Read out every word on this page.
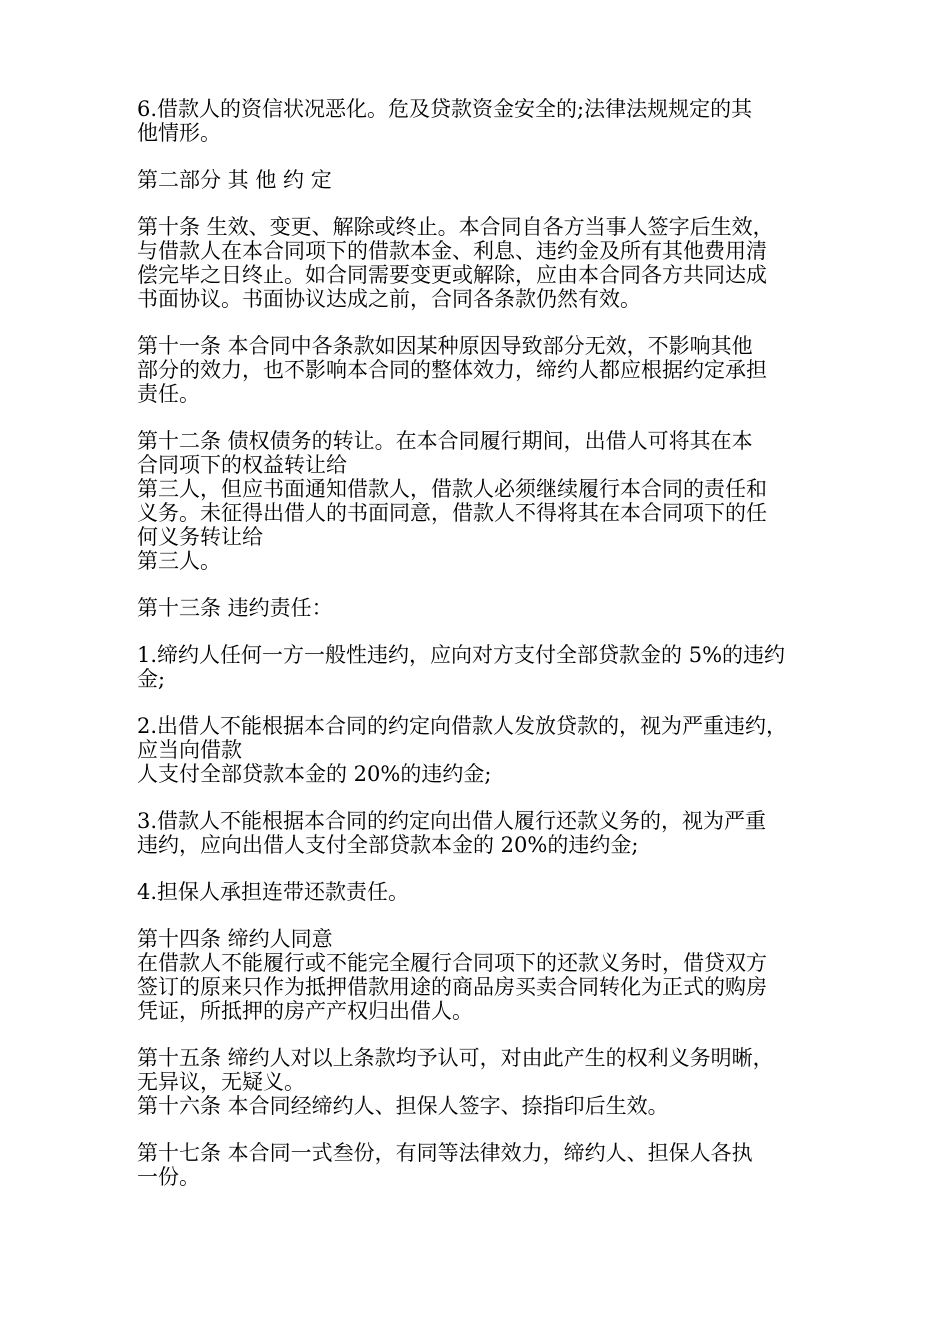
6.借款人的资信状况恶化。危及贷款资金安全的;法律法规规定的其
他情形。
第二部分 其 他 约 定
第十条 生效、变更、解除或终止。本合同自各方当事人签字后生效，
与借款人在本合同项下的借款本金、利息、违约金及所有其他费用清
偿完毕之日终止。如合同需要变更或解除，应由本合同各方共同达成
书面协议。书面协议达成之前，合同各条款仍然有效。
第十一条 本合同中各条款如因某种原因导致部分无效，不影响其他
部分的效力，也不影响本合同的整体效力，缔约人都应根据约定承担
责任。
第十二条 债权债务的转让。在本合同履行期间，出借人可将其在本
合同项下的权益转让给
第三人，但应书面通知借款人，借款人必须继续履行本合同的责任和
义务。未征得出借人的书面同意，借款人不得将其在本合同项下的任
何义务转让给
第三人。
第十三条 违约责任：
1.缔约人任何一方一般性违约，应向对方支付全部贷款金的 5%的违约
金;
2.出借人不能根据本合同的约定向借款人发放贷款的，视为严重违约，
应当向借款
人支付全部贷款本金的 20%的违约金;
3.借款人不能根据本合同的约定向出借人履行还款义务的，视为严重
违约，应向出借人支付全部贷款本金的 20%的违约金;
4.担保人承担连带还款责任。
第十四条 缔约人同意
在借款人不能履行或不能完全履行合同项下的还款义务时，借贷双方
签订的原来只作为抵押借款用途的商品房买卖合同转化为正式的购房
凭证，所抵押的房产产权归出借人。
第十五条 缔约人对以上条款均予认可，对由此产生的权利义务明晰，
无异议，无疑义。
第十六条 本合同经缔约人、担保人签字、捺指印后生效。
第十七条 本合同一式叁份，有同等法律效力，缔约人、担保人各执
一份。
